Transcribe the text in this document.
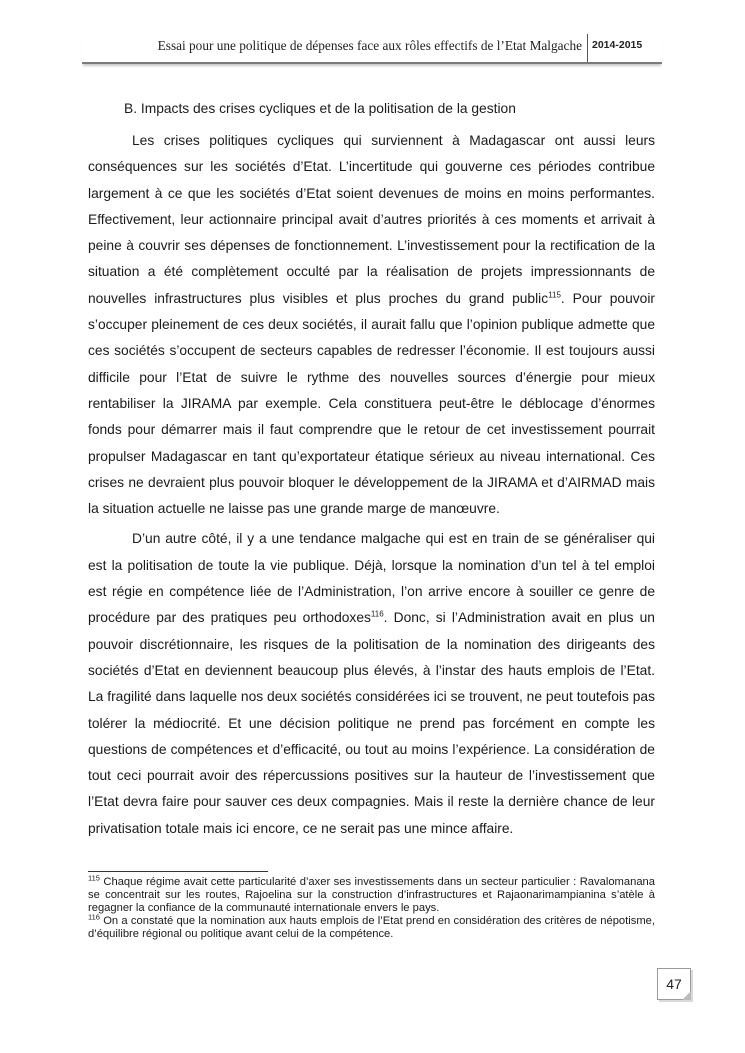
Essai pour une politique de dépenses face aux rôles effectifs de l’Etat Malgache 2014-2015

B. Impacts des crises cycliques et de la politisation de la gestion

Les crises politiques cycliques qui surviennent à Madagascar ont aussi leurs conséquences sur les sociétés d’Etat. L’incertitude qui gouverne ces périodes contribue largement à ce que les sociétés d’Etat soient devenues de moins en moins performantes. Effectivement, leur actionnaire principal avait d’autres priorités à ces moments et arrivait à peine à couvrir ses dépenses de fonctionnement. L’investissement pour la rectification de la situation a été complètement occulté par la réalisation de projets impressionnants de nouvelles infrastructures plus visibles et plus proches du grand public$^{115}$. Pour pouvoir s’occuper pleinement de ces deux sociétés, il aurait fallu que l’opinion publique admette que ces sociétés s’occupent de secteurs capables de redresser l’économie. Il est toujours aussi difficile pour l’Etat de suivre le rythme des nouvelles sources d’énergie pour mieux rentabiliser la JIRAMA par exemple. Cela constituera peut-être le déblocage d’énormes fonds pour démarrer mais il faut comprendre que le retour de cet investissement pourrait propulser Madagascar en tant qu’exportateur étatique sérieux au niveau international. Ces crises ne devraient plus pouvoir bloquer le développement de la JIRAMA et d’AIRMAD mais la situation actuelle ne laisse pas une grande marge de manœuvre.

D’un autre côté, il y a une tendance malgache qui est en train de se généraliser qui est la politisation de toute la vie publique. Déjà, lorsque la nomination d’un tel à tel emploi est régie en compétence liée de l’Administration, l’on arrive encore à souiller ce genre de procédure par des pratiques peu orthodoxes$^{116}$. Donc, si l’Administration avait en plus un pouvoir discrétionnaire, les risques de la politisation de la nomination des dirigeants des sociétés d’Etat en deviennent beaucoup plus élevés, à l’instar des hauts emplois de l’Etat. La fragilité dans laquelle nos deux sociétés considérées ici se trouvent, ne peut toutefois pas tolérer la médiocrité. Et une décision politique ne prend pas forcément en compte les questions de compétences et d’efficacité, ou tout au moins l’expérience. La considération de tout ceci pourrait avoir des répercussions positives sur la hauteur de l’investissement que l’Etat devra faire pour sauver ces deux compagnies. Mais il reste la dernière chance de leur privatisation totale mais ici encore, ce ne serait pas une mince affaire.

$^{115}$ Chaque régime avait cette particularité d’axer ses investissements dans un secteur particulier : Ravalomanana se concentrait sur les routes, Rajoelina sur la construction d’infrastructures et Rajaonarimampianina s’atèle à regagner la confiance de la communauté internationale envers le pays.

$^{116}$ On a constaté que la nomination aux hauts emplois de l’Etat prend en considération des critères de népotisme, d’équilibre régional ou politique avant celui de la compétence.

47
